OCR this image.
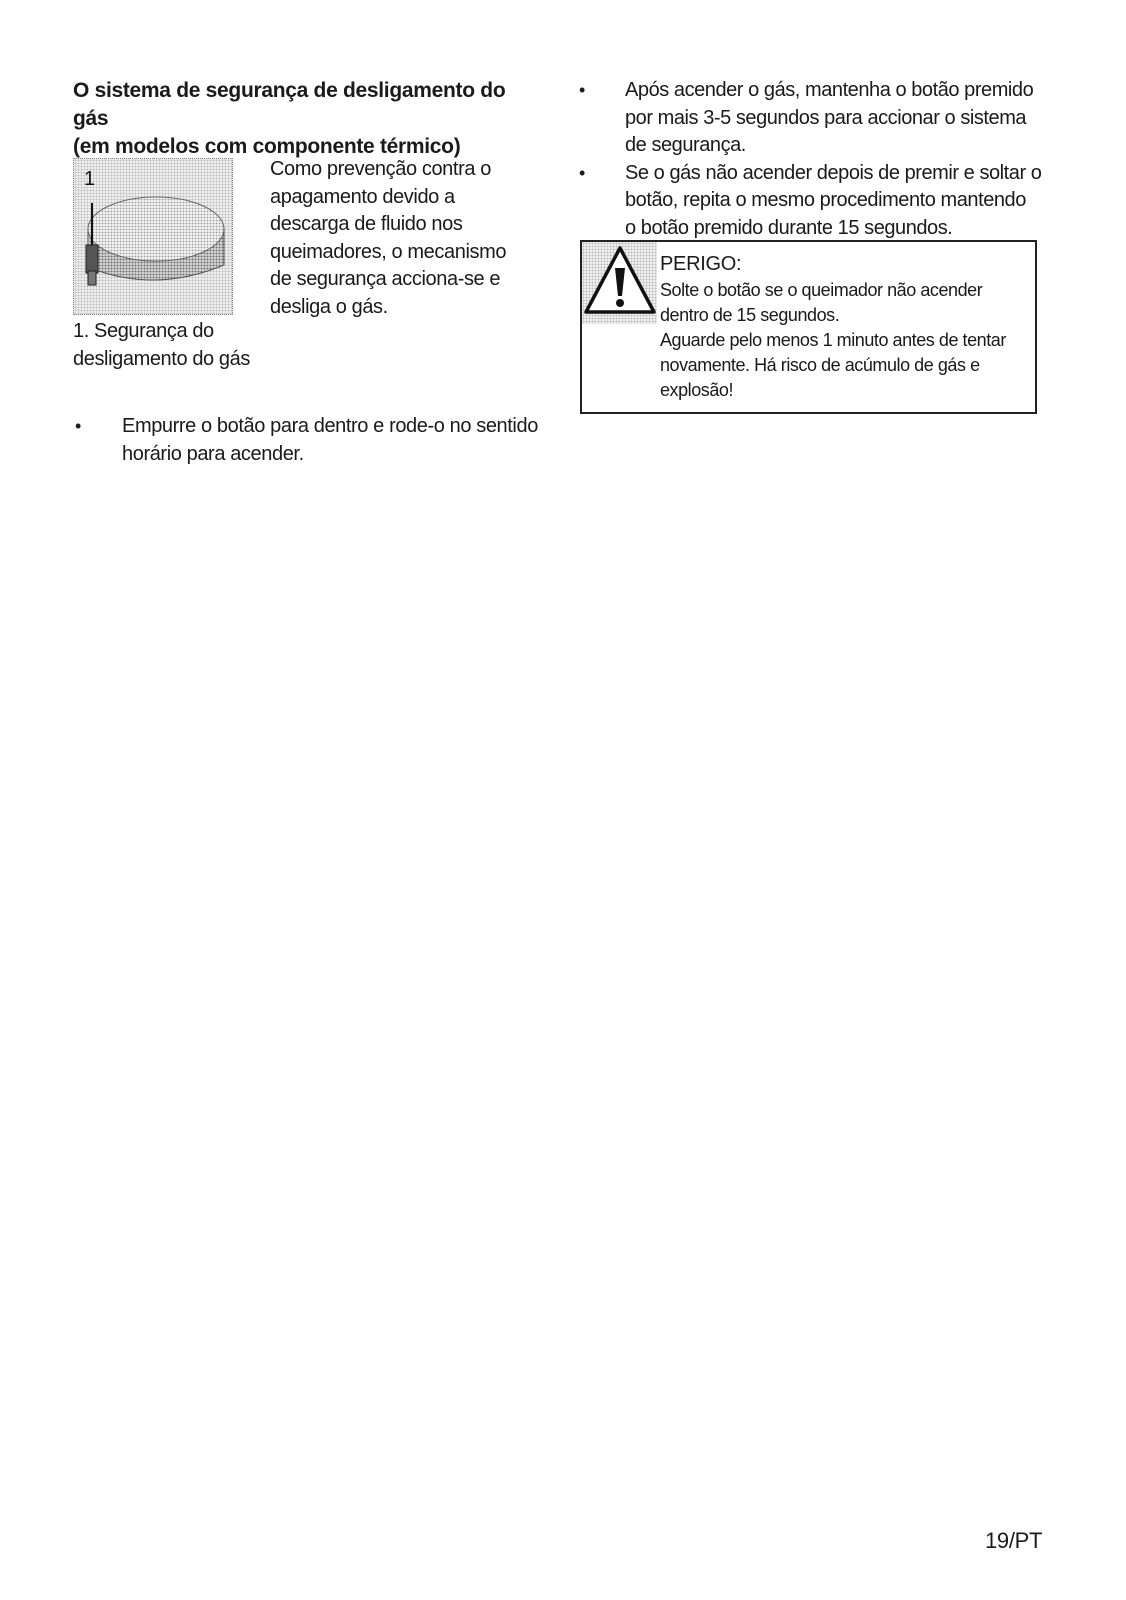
O sistema de segurança de desligamento do gás
(em modelos com componente térmico)
1
1. Segurança do
desligamento do gás
Como prevenção contra o
apagamento devido a
descarga de fluido nos
queimadores, o mecanismo
de segurança acciona-se e
desliga o gás.
• Empurre o botão para dentro e rode-o no sentido
horário para acender.
• Após acender o gás, mantenha o botão premido
por mais 3-5 segundos para accionar o sistema
de segurança.
• Se o gás não acender depois de premir e soltar o
botão, repita o mesmo procedimento mantendo
o botão premido durante 15 segundos.
PERIGO:

Solte o botão se o queimador não acender

dentro de 15 segundos.

Aguarde pelo menos 1 minuto antes de tentar

novamente. Há risco de acúmulo de gás e

explosão!

19/PT
